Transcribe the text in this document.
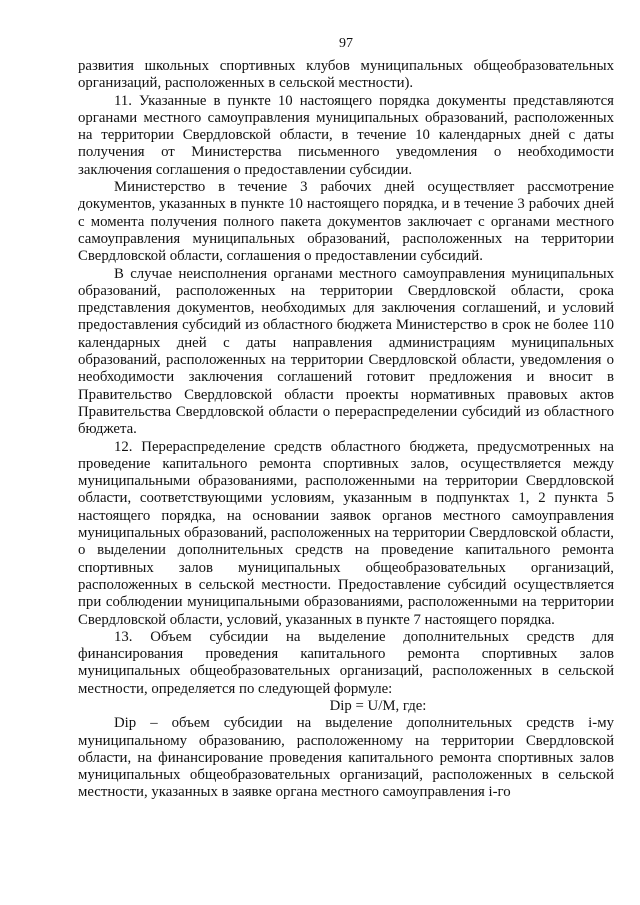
97

развития школьных спортивных клубов муниципальных общеобразовательных организаций, расположенных в сельской местности).

11. Указанные в пункте 10 настоящего порядка документы представляются органами местного самоуправления муниципальных образований, расположенных на территории Свердловской области, в течение 10 календарных дней с даты получения от Министерства письменного уведомления о необходимости заключения соглашения о предоставлении субсидии.

Министерство в течение 3 рабочих дней осуществляет рассмотрение документов, указанных в пункте 10 настоящего порядка, и в течение 3 рабочих дней с момента получения полного пакета документов заключает с органами местного самоуправления муниципальных образований, расположенных на территории Свердловской области, соглашения о предоставлении субсидий.

В случае неисполнения органами местного самоуправления муниципальных образований, расположенных на территории Свердловской области, срока представления документов, необходимых для заключения соглашений, и условий предоставления субсидий из областного бюджета Министерство в срок не более 110 календарных дней с даты направления администрациям муниципальных образований, расположенных на территории Свердловской области, уведомления о необходимости заключения соглашений готовит предложения и вносит в Правительство Свердловской области проекты нормативных правовых актов Правительства Свердловской области о перераспределении субсидий из областного бюджета.

12. Перераспределение средств областного бюджета, предусмотренных на проведение капитального ремонта спортивных залов, осуществляется между муниципальными образованиями, расположенными на территории Свердловской области, соответствующими условиям, указанным в подпунктах 1, 2 пункта 5 настоящего порядка, на основании заявок органов местного самоуправления муниципальных образований, расположенных на территории Свердловской области, о выделении дополнительных средств на проведение капитального ремонта спортивных залов муниципальных общеобразовательных организаций, расположенных в сельской местности. Предоставление субсидий осуществляется при соблюдении муниципальными образованиями, расположенными на территории Свердловской области, условий, указанных в пункте 7 настоящего порядка.

13. Объем субсидии на выделение дополнительных средств для финансирования проведения капитального ремонта спортивных залов муниципальных общеобразовательных организаций, расположенных в сельской местности, определяется по следующей формуле:

Dip = U/M, где:

Dip – объем субсидии на выделение дополнительных средств i-му муниципальному образованию, расположенному на территории Свердловской области, на финансирование проведения капитального ремонта спортивных залов муниципальных общеобразовательных организаций, расположенных в сельской местности, указанных в заявке органа местного самоуправления i-го
